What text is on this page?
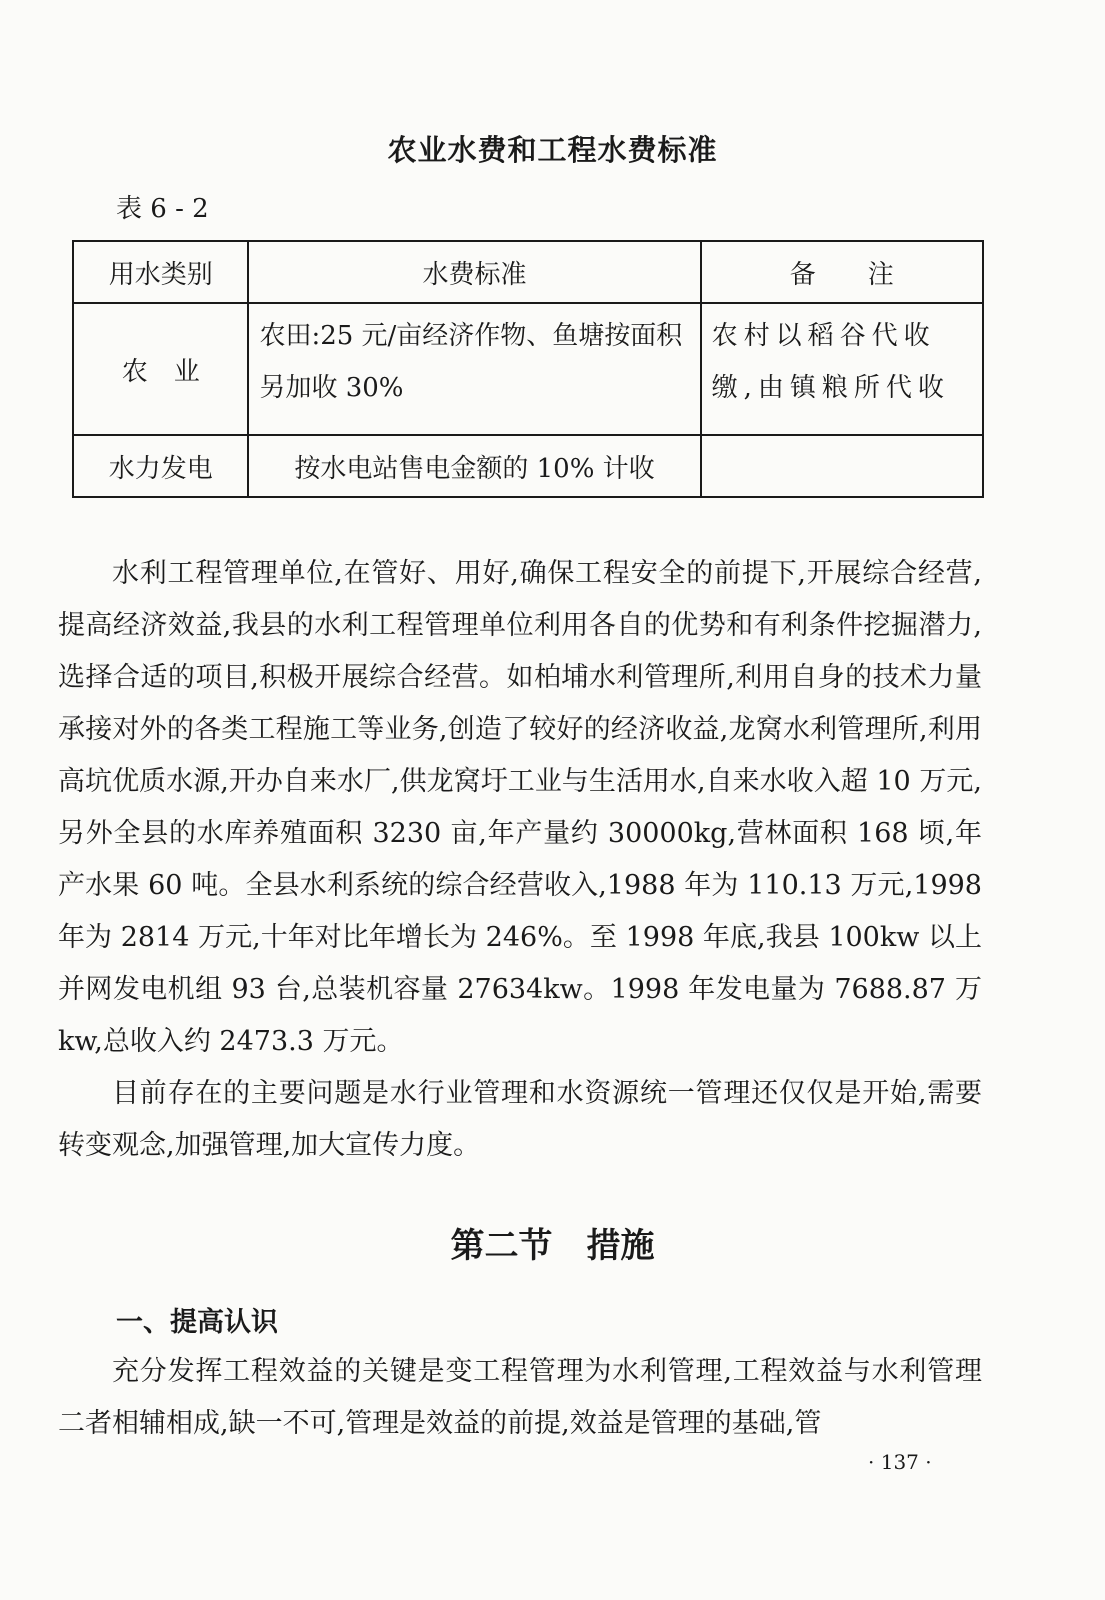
农业水费和工程水费标准
表 6 - 2
用水类别	水费标准	备　　注
农　业	农田:25 元/亩经济作物、鱼塘按面积另加收 30%	农村以稻谷代收缴,由镇粮所代收
水力发电	按水电站售电金额的 10% 计收	

水利工程管理单位,在管好、用好,确保工程安全的前提下,开展综合经营,提高经济效益,我县的水利工程管理单位利用各自的优势和有利条件挖掘潜力,选择合适的项目,积极开展综合经营。如柏埔水利管理所,利用自身的技术力量承接对外的各类工程施工等业务,创造了较好的经济收益,龙窝水利管理所,利用高坑优质水源,开办自来水厂,供龙窝圩工业与生活用水,自来水收入超 10 万元,另外全县的水库养殖面积 3230 亩,年产量约 30000kg,营林面积 168 顷,年产水果 60 吨。全县水利系统的综合经营收入,1988 年为 110.13 万元,1998 年为 2814 万元,十年对比年增长为 246%。至 1998 年底,我县 100kw 以上并网发电机组 93 台,总装机容量 27634kw。1998 年发电量为 7688.87 万 kw,总收入约 2473.3 万元。

目前存在的主要问题是水行业管理和水资源统一管理还仅仅是开始,需要转变观念,加强管理,加大宣传力度。

第二节　措施
一、提高认识

充分发挥工程效益的关键是变工程管理为水利管理,工程效益与水利管理二者相辅相成,缺一不可,管理是效益的前提,效益是管理的基础,管

· 137 ·
